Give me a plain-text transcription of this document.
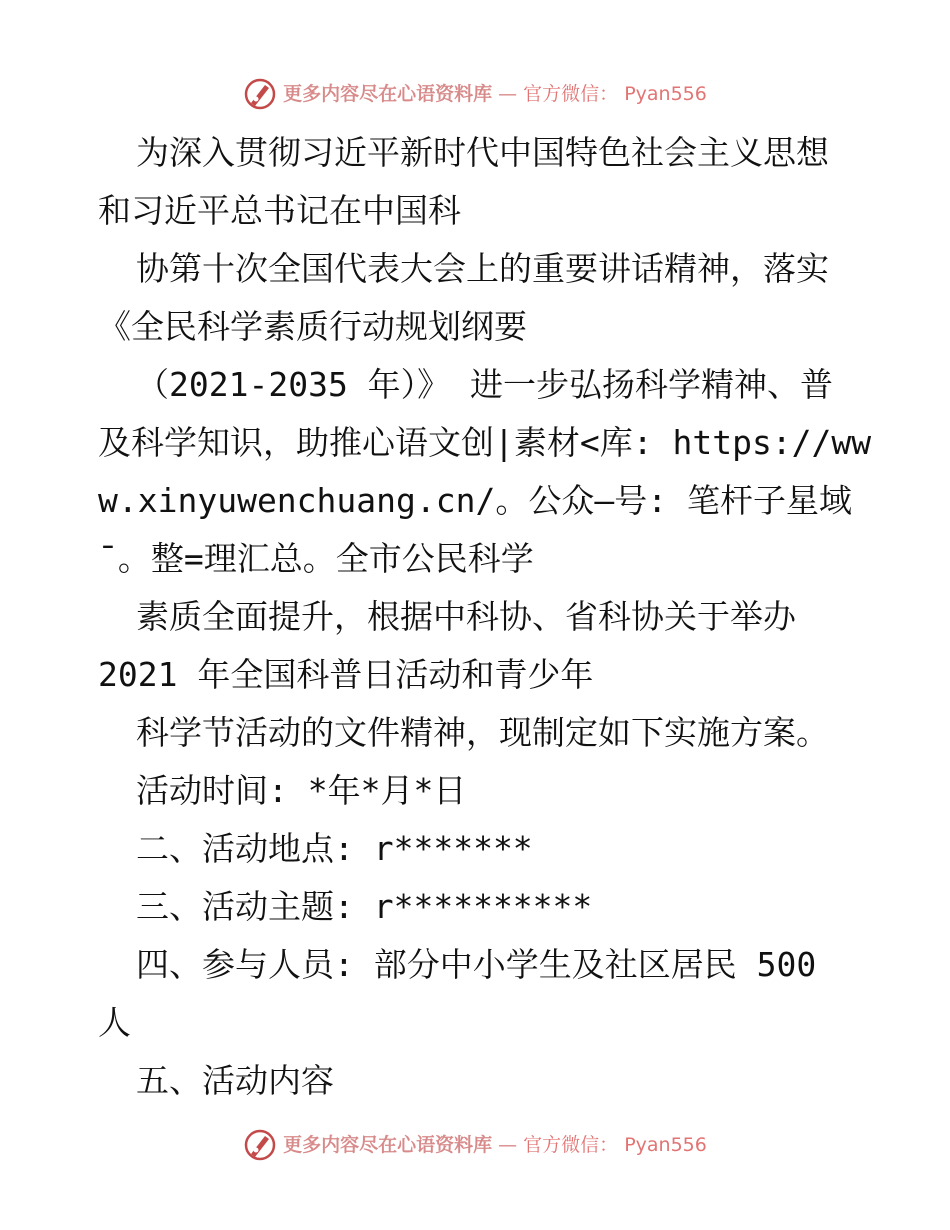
更多内容尽在心语资料库 — 官方微信： Pyan556

为深入贯彻习近平新时代中国特色社会主义思想

和习近平总书记在中国科

协第十次全国代表大会上的重要讲话精神，落实

《全民科学素质行动规划纲要

（2021-2035 年）》 进一步弘扬科学精神、普

及科学知识，助推心语文创|素材<库: https://ww

w.xinyuwenchuang.cn/。公众—号: 笔杆子星域

¯。整=理汇总。全市公民科学

素质全面提升，根据中科协、省科协关于举办

2021 年全国科普日活动和青少年

科学节活动的文件精神，现制定如下实施方案。

活动时间: *年*月*日

二、活动地点: r*******

三、活动主题: r**********

四、参与人员: 部分中小学生及社区居民 500

人

五、活动内容

更多内容尽在心语资料库 — 官方微信： Pyan556
